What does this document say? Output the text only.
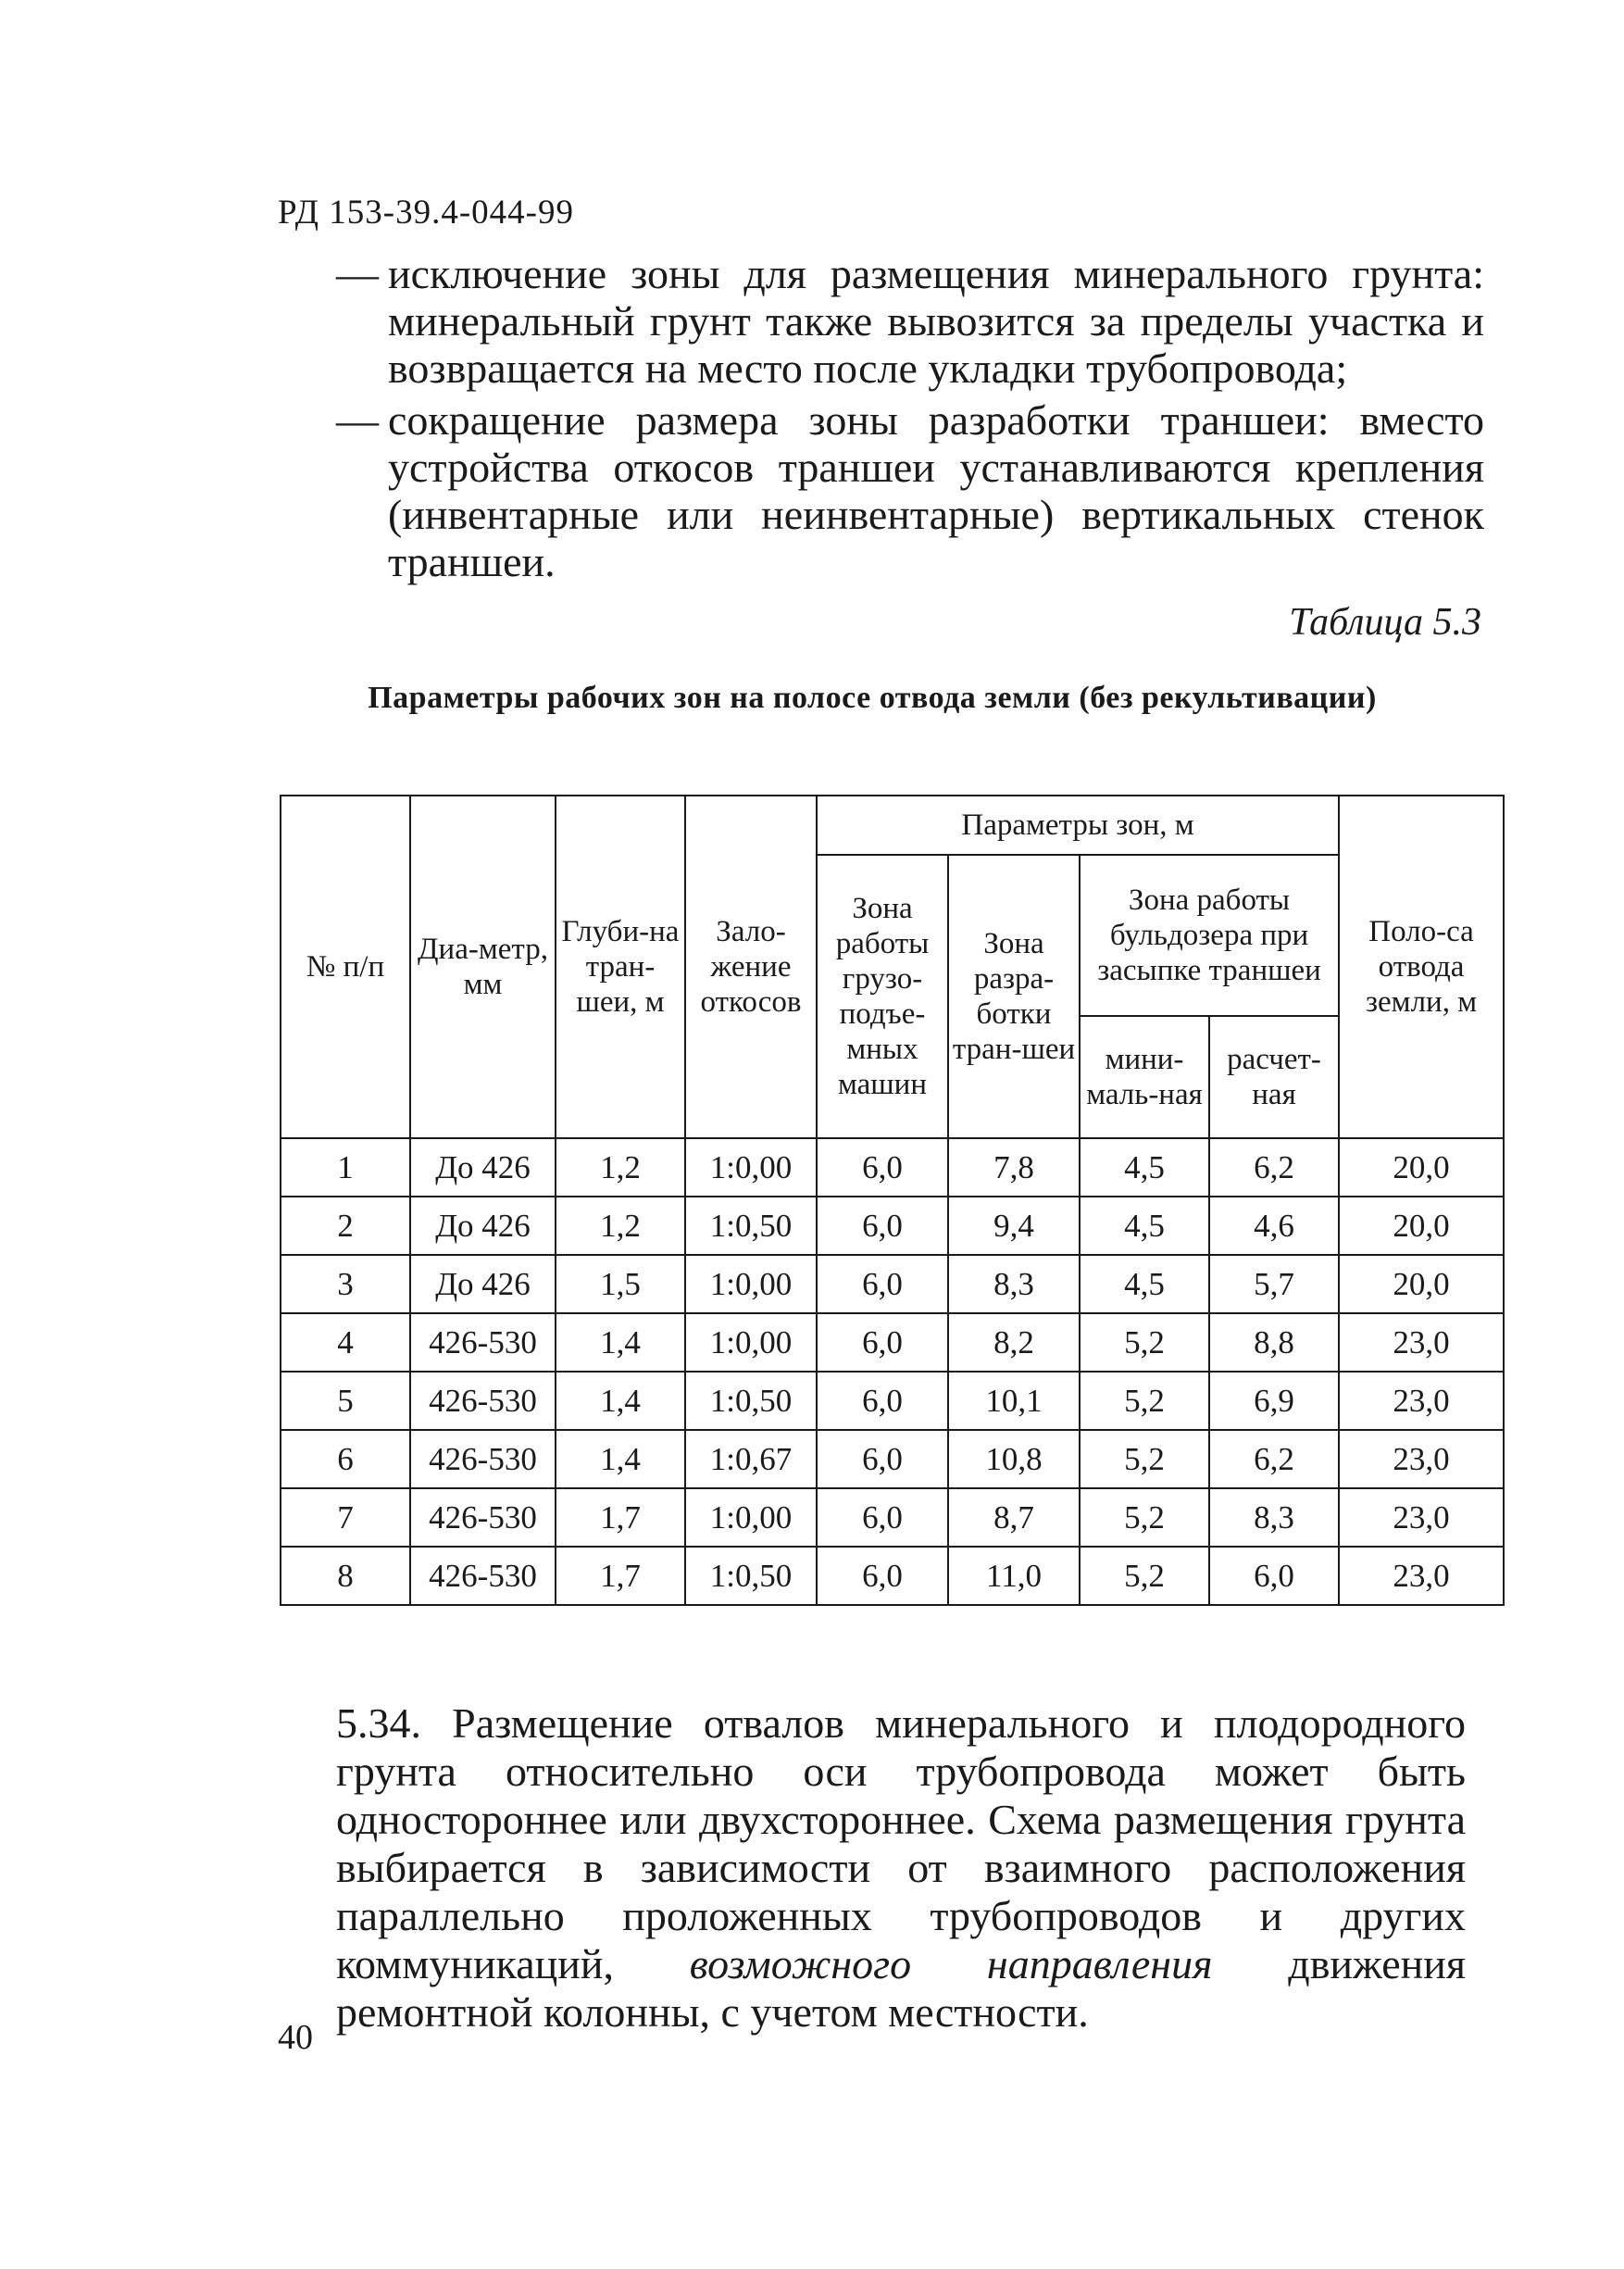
РД 153-39.4-044-99
— исключение зоны для размещения минерального грунта: минеральный грунт также вывозится за пределы участка и возвращается на место после укладки трубопровода;
— сокращение размера зоны разработки траншеи: вместо устройства откосов траншеи устанавливаются крепления (инвентарные или неинвентарные) вертикальных стенок траншеи.
Таблица 5.3
Параметры рабочих зон на полосе отвода земли (без рекультивации)
№ п/п	Диа-метр, мм	Глуби-на тран-шеи, м	Зало-жение откосов	Параметры зон, м				Поло-са отвода земли, м
				Зона работы грузо-подъе-мных машин	Зона разра-ботки тран-шеи	Зона работы бульдозера при засыпке траншеи		
						мини-маль-ная	расчет-ная	
1	До 426	1,2	1:0,00	6,0	7,8	4,5	6,2	20,0
2	До 426	1,2	1:0,50	6,0	9,4	4,5	4,6	20,0
3	До 426	1,5	1:0,00	6,0	8,3	4,5	5,7	20,0
4	426-530	1,4	1:0,00	6,0	8,2	5,2	8,8	23,0
5	426-530	1,4	1:0,50	6,0	10,1	5,2	6,9	23,0
6	426-530	1,4	1:0,67	6,0	10,8	5,2	6,2	23,0
7	426-530	1,7	1:0,00	6,0	8,7	5,2	8,3	23,0
8	426-530	1,7	1:0,50	6,0	11,0	5,2	6,0	23,0
5.34. Размещение отвалов минерального и плодородного грунта относительно оси трубопровода может быть одностороннее или двухстороннее. Схема размещения грунта выбирается в зависимости от взаимного расположения параллельно проложенных трубопроводов и других коммуникаций, возможного направления движения ремонтной колонны, с учетом местности.
40
